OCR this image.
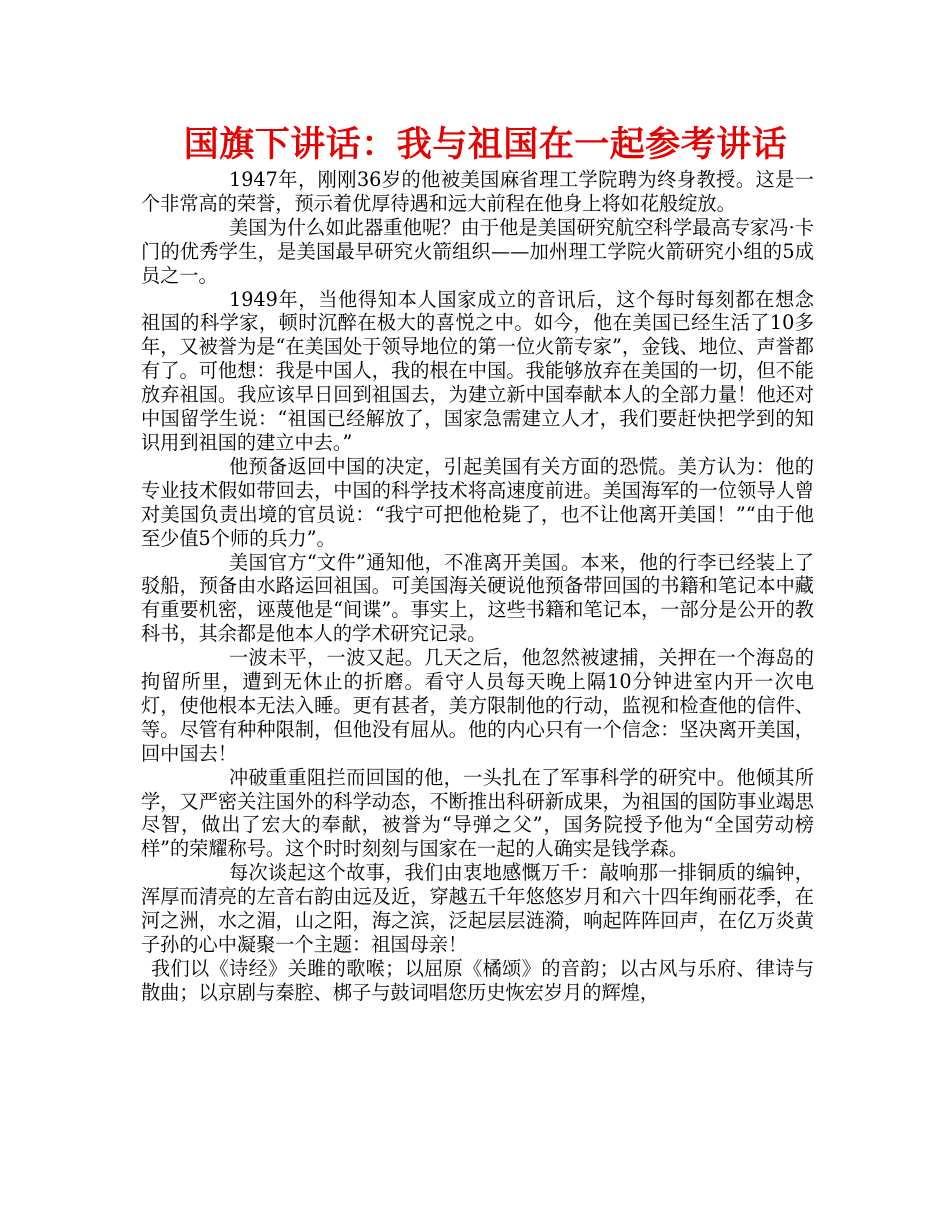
国旗下讲话：我与祖国在一起参考讲话

1947年，刚刚36岁的他被美国麻省理工学院聘为终身教授。这是一个非常高的荣誉，预示着优厚待遇和远大前程在他身上将如花般绽放。

美国为什么如此器重他呢？由于他是美国研究航空科学最高专家冯·卡门的优秀学生，是美国最早研究火箭组织——加州理工学院火箭研究小组的5成员之一。

1949年，当他得知本人国家成立的音讯后，这个每时每刻都在想念祖国的科学家，顿时沉醉在极大的喜悦之中。如今，他在美国已经生活了10多年，又被誉为是“在美国处于领导地位的第一位火箭专家”，金钱、地位、声誉都有了。可他想：我是中国人，我的根在中国。我能够放弃在美国的一切，但不能放弃祖国。我应该早日回到祖国去，为建立新中国奉献本人的全部力量！他还对中国留学生说：“祖国已经解放了，国家急需建立人才，我们要赶快把学到的知识用到祖国的建立中去。”

他预备返回中国的决定，引起美国有关方面的恐慌。美方认为：他的专业技术假如带回去，中国的科学技术将高速度前进。美国海军的一位领导人曾对美国负责出境的官员说：“我宁可把他枪毙了，也不让他离开美国！”“由于他至少值5个师的兵力”。

美国官方“文件”通知他，不准离开美国。本来，他的行李已经装上了驳船，预备由水路运回祖国。可美国海关硬说他预备带回国的书籍和笔记本中藏有重要机密，诬蔑他是“间谍”。事实上，这些书籍和笔记本，一部分是公开的教科书，其余都是他本人的学术研究记录。

一波未平，一波又起。几天之后，他忽然被逮捕，关押在一个海岛的拘留所里，遭到无休止的折磨。看守人员每天晚上隔10分钟进室内开一次电灯，使他根本无法入睡。更有甚者，美方限制他的行动，监视和检查他的信件、等。尽管有种种限制，但他没有屈从。他的内心只有一个信念：坚决离开美国，回中国去！

冲破重重阻拦而回国的他，一头扎在了军事科学的研究中。他倾其所学，又严密关注国外的科学动态，不断推出科研新成果，为祖国的国防事业竭思尽智，做出了宏大的奉献，被誉为“导弹之父”，国务院授予他为“全国劳动榜样”的荣耀称号。这个时时刻刻与国家在一起的人确实是钱学森。

每次谈起这个故事，我们由衷地感慨万千：敲响那一排铜质的编钟，浑厚而清亮的左音右韵由远及近，穿越五千年悠悠岁月和六十四年绚丽花季，在河之洲，水之湄，山之阳，海之滨，泛起层层涟漪，响起阵阵回声，在亿万炎黄子孙的心中凝聚一个主题：祖国母亲！

我们以《诗经》关雎的歌喉；以屈原《橘颂》的音韵；以古风与乐府、律诗与散曲；以京剧与秦腔、梆子与鼓词唱您历史恢宏岁月的辉煌，
